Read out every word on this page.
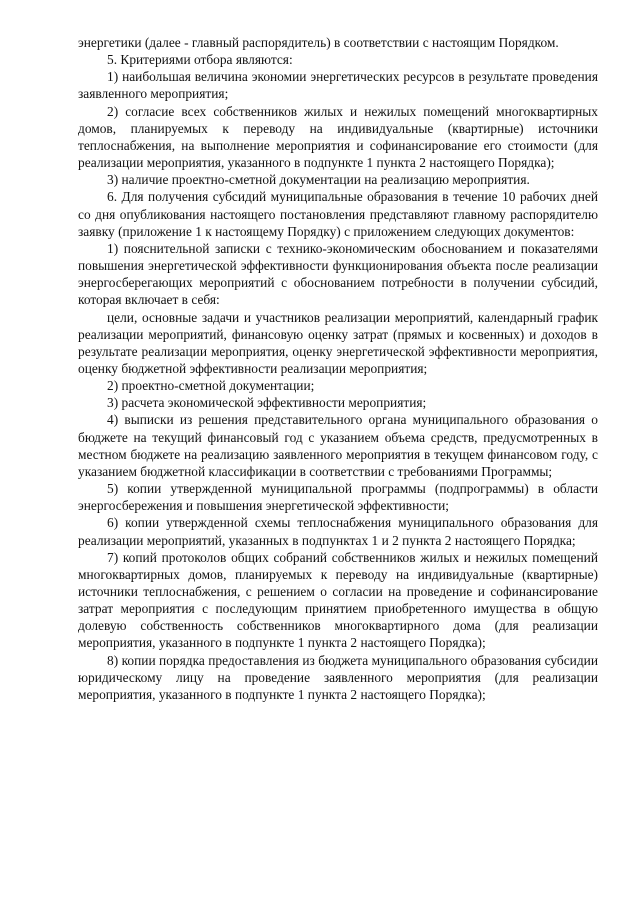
энергетики (далее - главный распорядитель) в соответствии с настоящим Порядком.

5. Критериями отбора являются:

1) наибольшая величина экономии энергетических ресурсов в результате проведения заявленного мероприятия;

2) согласие всех собственников жилых и нежилых помещений многоквартирных домов, планируемых к переводу на индивидуальные (квартирные) источники теплоснабжения, на выполнение мероприятия и софинансирование его стоимости (для реализации мероприятия, указанного в подпункте 1 пункта 2 настоящего Порядка);

3) наличие проектно-сметной документации на реализацию мероприятия.

6. Для получения субсидий муниципальные образования в течение 10 рабочих дней со дня опубликования настоящего постановления представляют главному распорядителю заявку (приложение 1 к настоящему Порядку) с приложением следующих документов:

1) пояснительной записки с технико-экономическим обоснованием и показателями повышения энергетической эффективности функционирования объекта после реализации энергосберегающих мероприятий с обоснованием потребности в получении субсидий, которая включает в себя:

цели, основные задачи и участников реализации мероприятий, календарный график реализации мероприятий, финансовую оценку затрат (прямых и косвенных) и доходов в результате реализации мероприятия, оценку энергетической эффективности мероприятия, оценку бюджетной эффективности реализации мероприятия;

2) проектно-сметной документации;

3) расчета экономической эффективности мероприятия;

4) выписки из решения представительного органа муниципального образования о бюджете на текущий финансовый год с указанием объема средств, предусмотренных в местном бюджете на реализацию заявленного мероприятия в текущем финансовом году, с указанием бюджетной классификации в соответствии с требованиями Программы;

5) копии утвержденной муниципальной программы (подпрограммы) в области энергосбережения и повышения энергетической эффективности;

6) копии утвержденной схемы теплоснабжения муниципального образования для реализации мероприятий, указанных в подпунктах 1 и 2 пункта 2 настоящего Порядка;

7) копий протоколов общих собраний собственников жилых и нежилых помещений многоквартирных домов, планируемых к переводу на индивидуальные (квартирные) источники теплоснабжения, с решением о согласии на проведение и софинансирование затрат мероприятия с последующим принятием приобретенного имущества в общую долевую собственность собственников многоквартирного дома (для реализации мероприятия, указанного в подпункте 1 пункта 2 настоящего Порядка);

8) копии порядка предоставления из бюджета муниципального образования субсидии юридическому лицу на проведение заявленного мероприятия (для реализации мероприятия, указанного в подпункте 1 пункта 2 настоящего Порядка);
